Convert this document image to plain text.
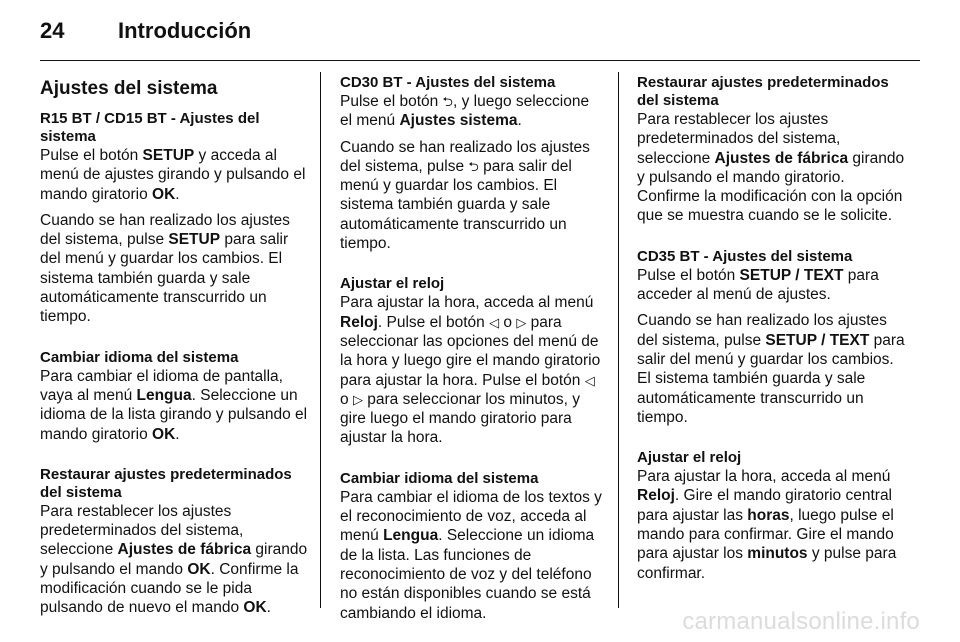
24	Introducción
Ajustes del sistema
R15 BT / CD15 BT - Ajustes del sistema

Pulse el botón SETUP y acceda al menú de ajustes girando y pulsando el mando giratorio OK.

Cuando se han realizado los ajustes del sistema, pulse SETUP para salir del menú y guardar los cambios. El sistema también guarda y sale automáticamente transcurrido un tiempo.

Cambiar idioma del sistema

Para cambiar el idioma de pantalla, vaya al menú Lengua. Seleccione un idioma de la lista girando y pulsando el mando giratorio OK.

Restaurar ajustes predeterminados del sistema

Para restablecer los ajustes predeterminados del sistema, seleccione Ajustes de fábrica girando y pulsando el mando OK. Confirme la modificación cuando se le pida pulsando de nuevo el mando OK.

CD30 BT - Ajustes del sistema

Pulse el botón ⮌, y luego seleccione el menú Ajustes sistema.

Cuando se han realizado los ajustes del sistema, pulse ⮌ para salir del menú y guardar los cambios. El sistema también guarda y sale automáticamente transcurrido un tiempo.

Ajustar el reloj

Para ajustar la hora, acceda al menú Reloj. Pulse el botón ◁ o ▷ para seleccionar las opciones del menú de la hora y luego gire el mando giratorio para ajustar la hora. Pulse el botón ◁ o ▷ para seleccionar los minutos, y gire luego el mando giratorio para ajustar la hora.

Cambiar idioma del sistema

Para cambiar el idioma de los textos y el reconocimiento de voz, acceda al menú Lengua. Seleccione un idioma de la lista. Las funciones de reconocimiento de voz y del teléfono no están disponibles cuando se está cambiando el idioma.

Restaurar ajustes predeterminados del sistema

Para restablecer los ajustes predeterminados del sistema, seleccione Ajustes de fábrica girando y pulsando el mando giratorio. Confirme la modificación con la opción que se muestra cuando se le solicite.

CD35 BT - Ajustes del sistema

Pulse el botón SETUP / TEXT para acceder al menú de ajustes.

Cuando se han realizado los ajustes del sistema, pulse SETUP / TEXT para salir del menú y guardar los cambios. El sistema también guarda y sale automáticamente transcurrido un tiempo.

Ajustar el reloj

Para ajustar la hora, acceda al menú Reloj. Gire el mando giratorio central para ajustar las horas, luego pulse el mando para confirmar. Gire el mando para ajustar los minutos y pulse para confirmar.

carmanualsonline.info
